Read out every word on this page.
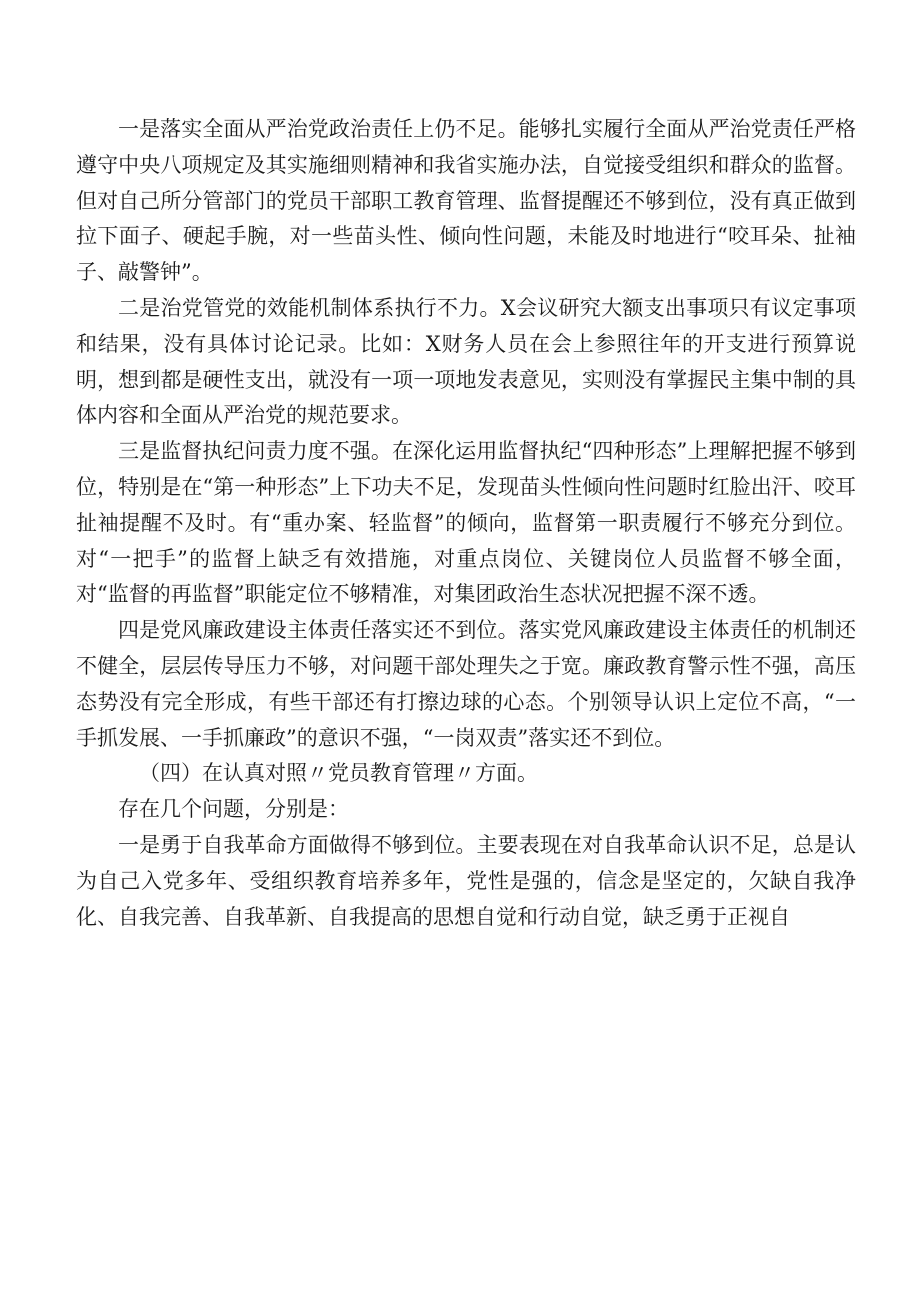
一是落实全面从严治党政治责任上仍不足。能够扎实履行全面从严治党责任严格遵守中央八项规定及其实施细则精神和我省实施办法，自觉接受组织和群众的监督。但对自己所分管部门的党员干部职工教育管理、监督提醒还不够到位，没有真正做到拉下面子、硬起手腕，对一些苗头性、倾向性问题，未能及时地进行“咬耳朵、扯袖子、敲警钟”。

二是治党管党的效能机制体系执行不力。X会议研究大额支出事项只有议定事项和结果，没有具体讨论记录。比如：X财务人员在会上参照往年的开支进行预算说明，想到都是硬性支出，就没有一项一项地发表意见，实则没有掌握民主集中制的具体内容和全面从严治党的规范要求。

三是监督执纪问责力度不强。在深化运用监督执纪“四种形态”上理解把握不够到位，特别是在“第一种形态”上下功夫不足，发现苗头性倾向性问题时红脸出汗、咬耳扯袖提醒不及时。有“重办案、轻监督”的倾向，监督第一职责履行不够充分到位。对“一把手”的监督上缺乏有效措施，对重点岗位、关键岗位人员监督不够全面，对“监督的再监督”职能定位不够精准，对集团政治生态状况把握不深不透。

四是党风廉政建设主体责任落实还不到位。落实党风廉政建设主体责任的机制还不健全，层层传导压力不够，对问题干部处理失之于宽。廉政教育警示性不强，高压态势没有完全形成，有些干部还有打擦边球的心态。个别领导认识上定位不高，“一手抓发展、一手抓廉政”的意识不强，“一岗双责”落实还不到位。

（四）在认真对照〃党员教育管理〃方面。

存在几个问题，分别是：

一是勇于自我革命方面做得不够到位。主要表现在对自我革命认识不足，总是认为自己入党多年、受组织教育培养多年，党性是强的，信念是坚定的，欠缺自我净化、自我完善、自我革新、自我提高的思想自觉和行动自觉，缺乏勇于正视自
